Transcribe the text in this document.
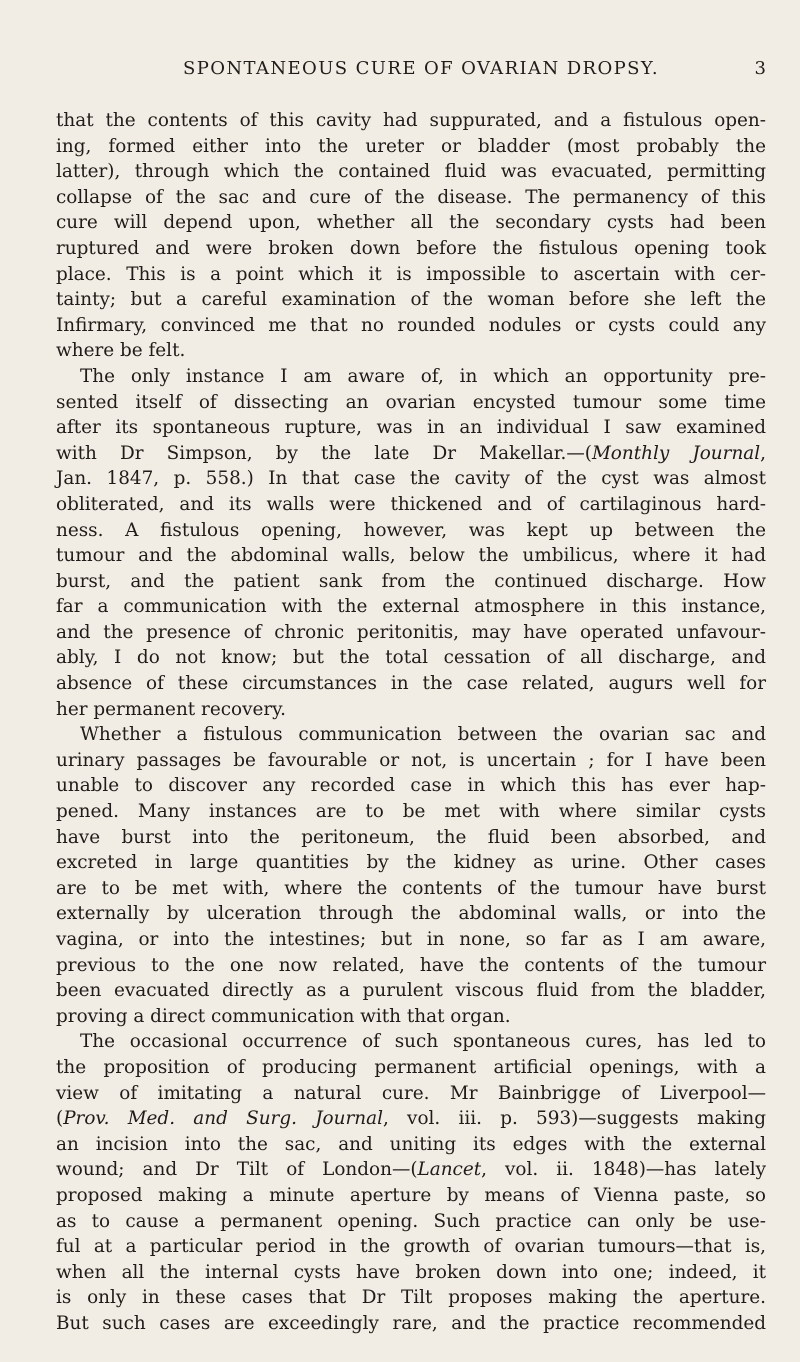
SPONTANEOUS CURE OF OVARIAN DROPSY.	3
that the contents of this cavity had suppurated, and a fistulous open-
ing, formed either into the ureter or bladder (most probably the
latter), through which the contained fluid was evacuated, permitting
collapse of the sac and cure of the disease. The permanency of this
cure will depend upon, whether all the secondary cysts had been
ruptured and were broken down before the fistulous opening took
place. This is a point which it is impossible to ascertain with cer-
tainty; but a careful examination of the woman before she left the
Infirmary, convinced me that no rounded nodules or cysts could any
where be felt.
The only instance I am aware of, in which an opportunity pre-
sented itself of dissecting an ovarian encysted tumour some time
after its spontaneous rupture, was in an individual I saw examined
with Dr Simpson, by the late Dr Makellar.—(Monthly Journal,
Jan. 1847, p. 558.) In that case the cavity of the cyst was almost
obliterated, and its walls were thickened and of cartilaginous hard-
ness. A fistulous opening, however, was kept up between the
tumour and the abdominal walls, below the umbilicus, where it had
burst, and the patient sank from the continued discharge. How
far a communication with the external atmosphere in this instance,
and the presence of chronic peritonitis, may have operated unfavour-
ably, I do not know; but the total cessation of all discharge, and
absence of these circumstances in the case related, augurs well for
her permanent recovery.
Whether a fistulous communication between the ovarian sac and
urinary passages be favourable or not, is uncertain ; for I have been
unable to discover any recorded case in which this has ever hap-
pened. Many instances are to be met with where similar cysts
have burst into the peritoneum, the fluid been absorbed, and
excreted in large quantities by the kidney as urine. Other cases
are to be met with, where the contents of the tumour have burst
externally by ulceration through the abdominal walls, or into the
vagina, or into the intestines; but in none, so far as I am aware,
previous to the one now related, have the contents of the tumour
been evacuated directly as a purulent viscous fluid from the bladder,
proving a direct communication with that organ.
The occasional occurrence of such spontaneous cures, has led to
the proposition of producing permanent artificial openings, with a
view of imitating a natural cure. Mr Bainbrigge of Liverpool—
(Prov. Med. and Surg. Journal, vol. iii. p. 593)—suggests making
an incision into the sac, and uniting its edges with the external
wound; and Dr Tilt of London—(Lancet, vol. ii. 1848)—has lately
proposed making a minute aperture by means of Vienna paste, so
as to cause a permanent opening. Such practice can only be use-
ful at a particular period in the growth of ovarian tumours—that is,
when all the internal cysts have broken down into one; indeed, it
is only in these cases that Dr Tilt proposes making the aperture.
But such cases are exceedingly rare, and the practice recommended
